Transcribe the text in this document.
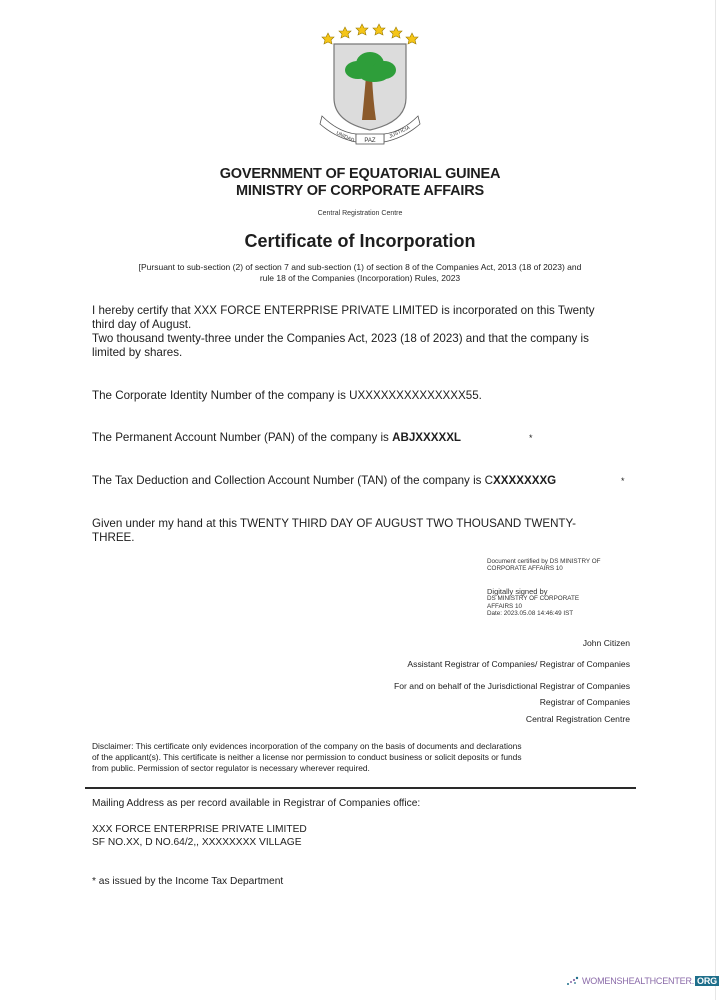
UNIDAD PAZ
JUSTICIA
GOVERNMENT OF EQUATORIAL GUINEA
MINISTRY OF CORPORATE AFFAIRS
Central Registration Centre
Certificate of Incorporation
[Pursuant to sub-section (2) of section 7 and sub-section (1) of section 8 of the Companies Act, 2013 (18 of 2023) and
rule 18 of the Companies (Incorporation) Rules, 2023
I hereby certify that XXX FORCE ENTERPRISE PRIVATE LIMITED is incorporated on this Twenty
third day of August.
Two thousand twenty-three under the Companies Act, 2023 (18 of 2023) and that the company is
limited by shares.
The Corporate Identity Number of the company is UXXXXXXXXXXXXXX55.
The Permanent Account Number (PAN) of the company is ABJXXXXXL	*
The Tax Deduction and Collection Account Number (TAN) of the company is CXXXXXXXG	*
Given under my hand at this TWENTY THIRD DAY OF AUGUST TWO THOUSAND TWENTY-
THREE.
Document certified by DS MINISTRY OF
CORPORATE AFFAIRS 10
Digitally signed by
DS MINISTRY OF CORPORATE
AFFAIRS 10
Date: 2023.05.08 14:46:49 IST
John Citizen
Assistant Registrar of Companies/ Registrar of Companies
For and on behalf of the Jurisdictional Registrar of Companies
Registrar of Companies
Central Registration Centre
Disclaimer: This certificate only evidences incorporation of the company on the basis of documents and declarations
of the applicant(s). This certificate is neither a license nor permission to conduct business or solicit deposits or funds
from public. Permission of sector regulator is necessary wherever required.
Mailing Address as per record available in Registrar of Companies office:
XXX FORCE ENTERPRISE PRIVATE LIMITED
SF NO.XX, D NO.64/2,, XXXXXXXX VILLAGE
* as issued by the Income Tax Department
WOMENSHEALTHCENTER. ORG
